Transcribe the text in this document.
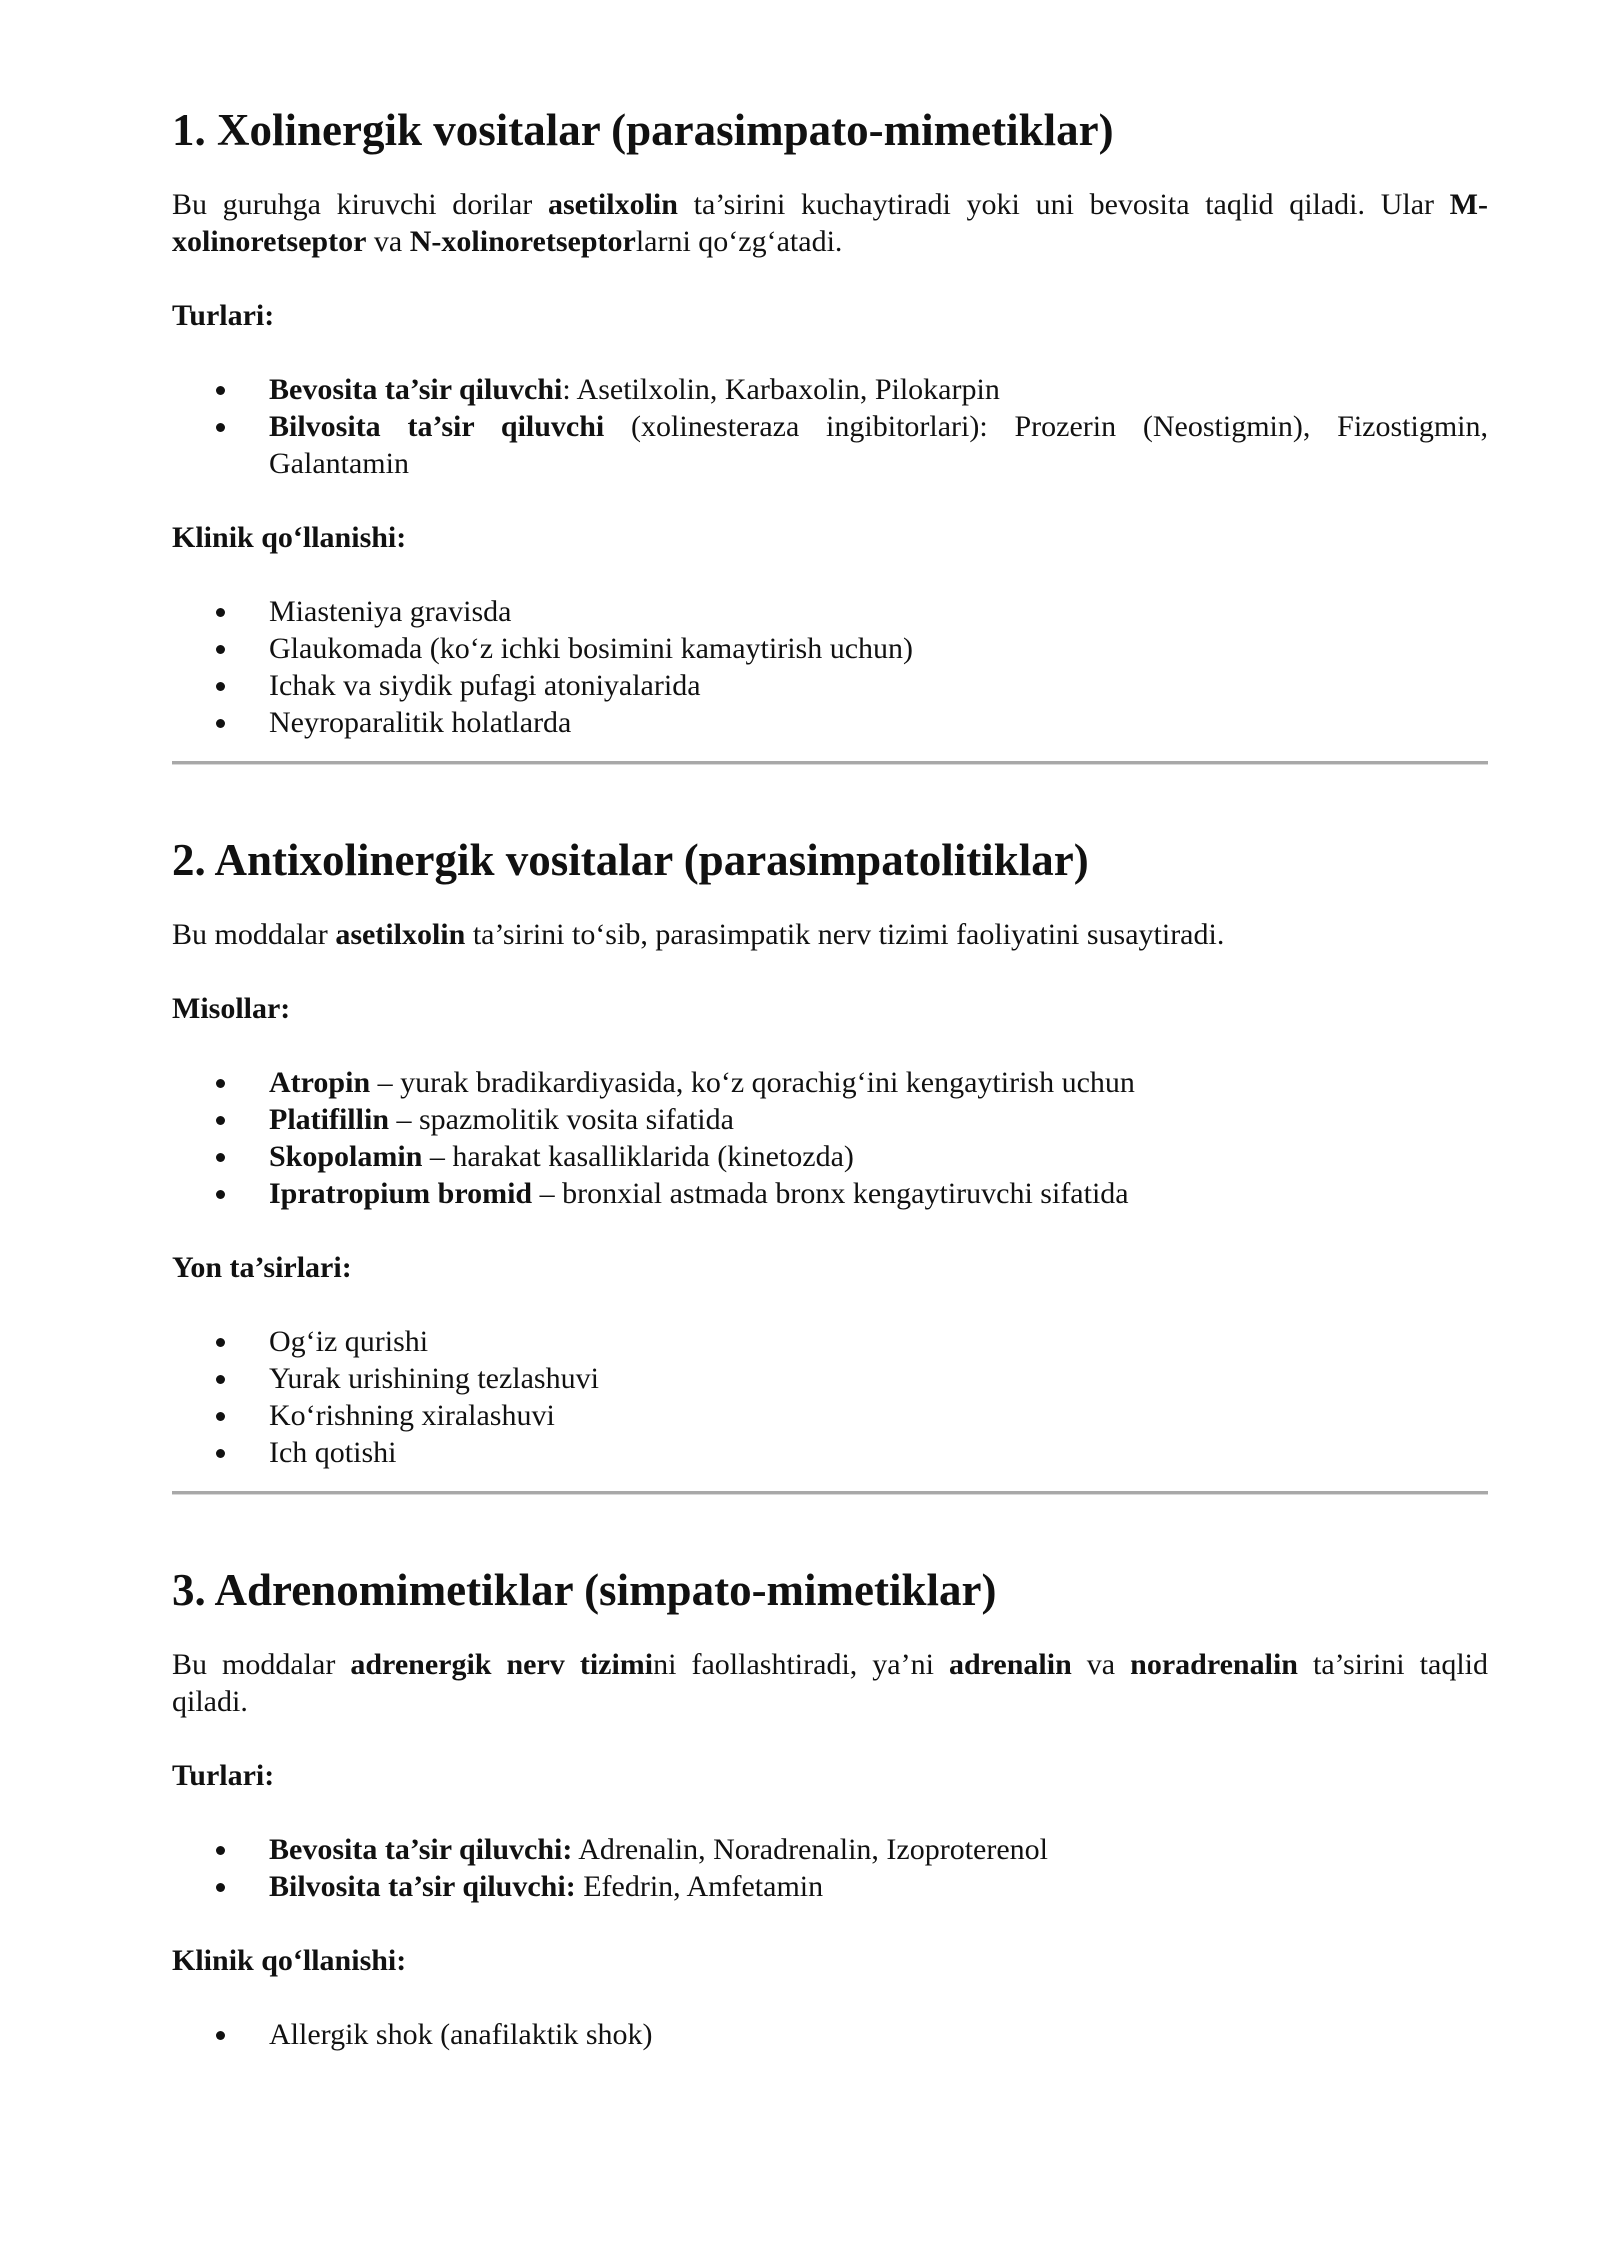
1. Xolinergik vositalar (parasimpato-mimetiklar)

Bu guruhga kiruvchi dorilar asetilxolin ta’sirini kuchaytiradi yoki uni bevosita taqlid qiladi. Ular M-xolinoretseptor va N-xolinoretseptorlarni qo‘zg‘atadi.

Turlari:
Bevosita ta’sir qiluvchi: Asetilxolin, Karbaxolin, Pilokarpin
Bilvosita ta’sir qiluvchi (xolinesteraza ingibitorlari): Prozerin (Neostigmin), Fizostigmin, Galantamin
Klinik qo‘llanishi:
Miasteniya gravisda
Glaukomada (ko‘z ichki bosimini kamaytirish uchun)
Ichak va siydik pufagi atoniyalarida
Neyroparalitik holatlarda
2. Antixolinergik vositalar (parasimpatolitiklar)

Bu moddalar asetilxolin ta’sirini to‘sib, parasimpatik nerv tizimi faoliyatini susaytiradi.

Misollar:
Atropin – yurak bradikardiyasida, ko‘z qorachig‘ini kengaytirish uchun
Platifillin – spazmolitik vosita sifatida
Skopolamin – harakat kasalliklarida (kinetozda)
Ipratropium bromid – bronxial astmada bronx kengaytiruvchi sifatida
Yon ta’sirlari:
Og‘iz qurishi
Yurak urishining tezlashuvi
Ko‘rishning xiralashuvi
Ich qotishi
3. Adrenomimetiklar (simpato-mimetiklar)

Bu moddalar adrenergik nerv tizimini faollashtiradi, ya’ni adrenalin va noradrenalin ta’sirini taqlid qiladi.

Turlari:
Bevosita ta’sir qiluvchi: Adrenalin, Noradrenalin, Izoproterenol
Bilvosita ta’sir qiluvchi: Efedrin, Amfetamin
Klinik qo‘llanishi:
Allergik shok (anafilaktik shok)
